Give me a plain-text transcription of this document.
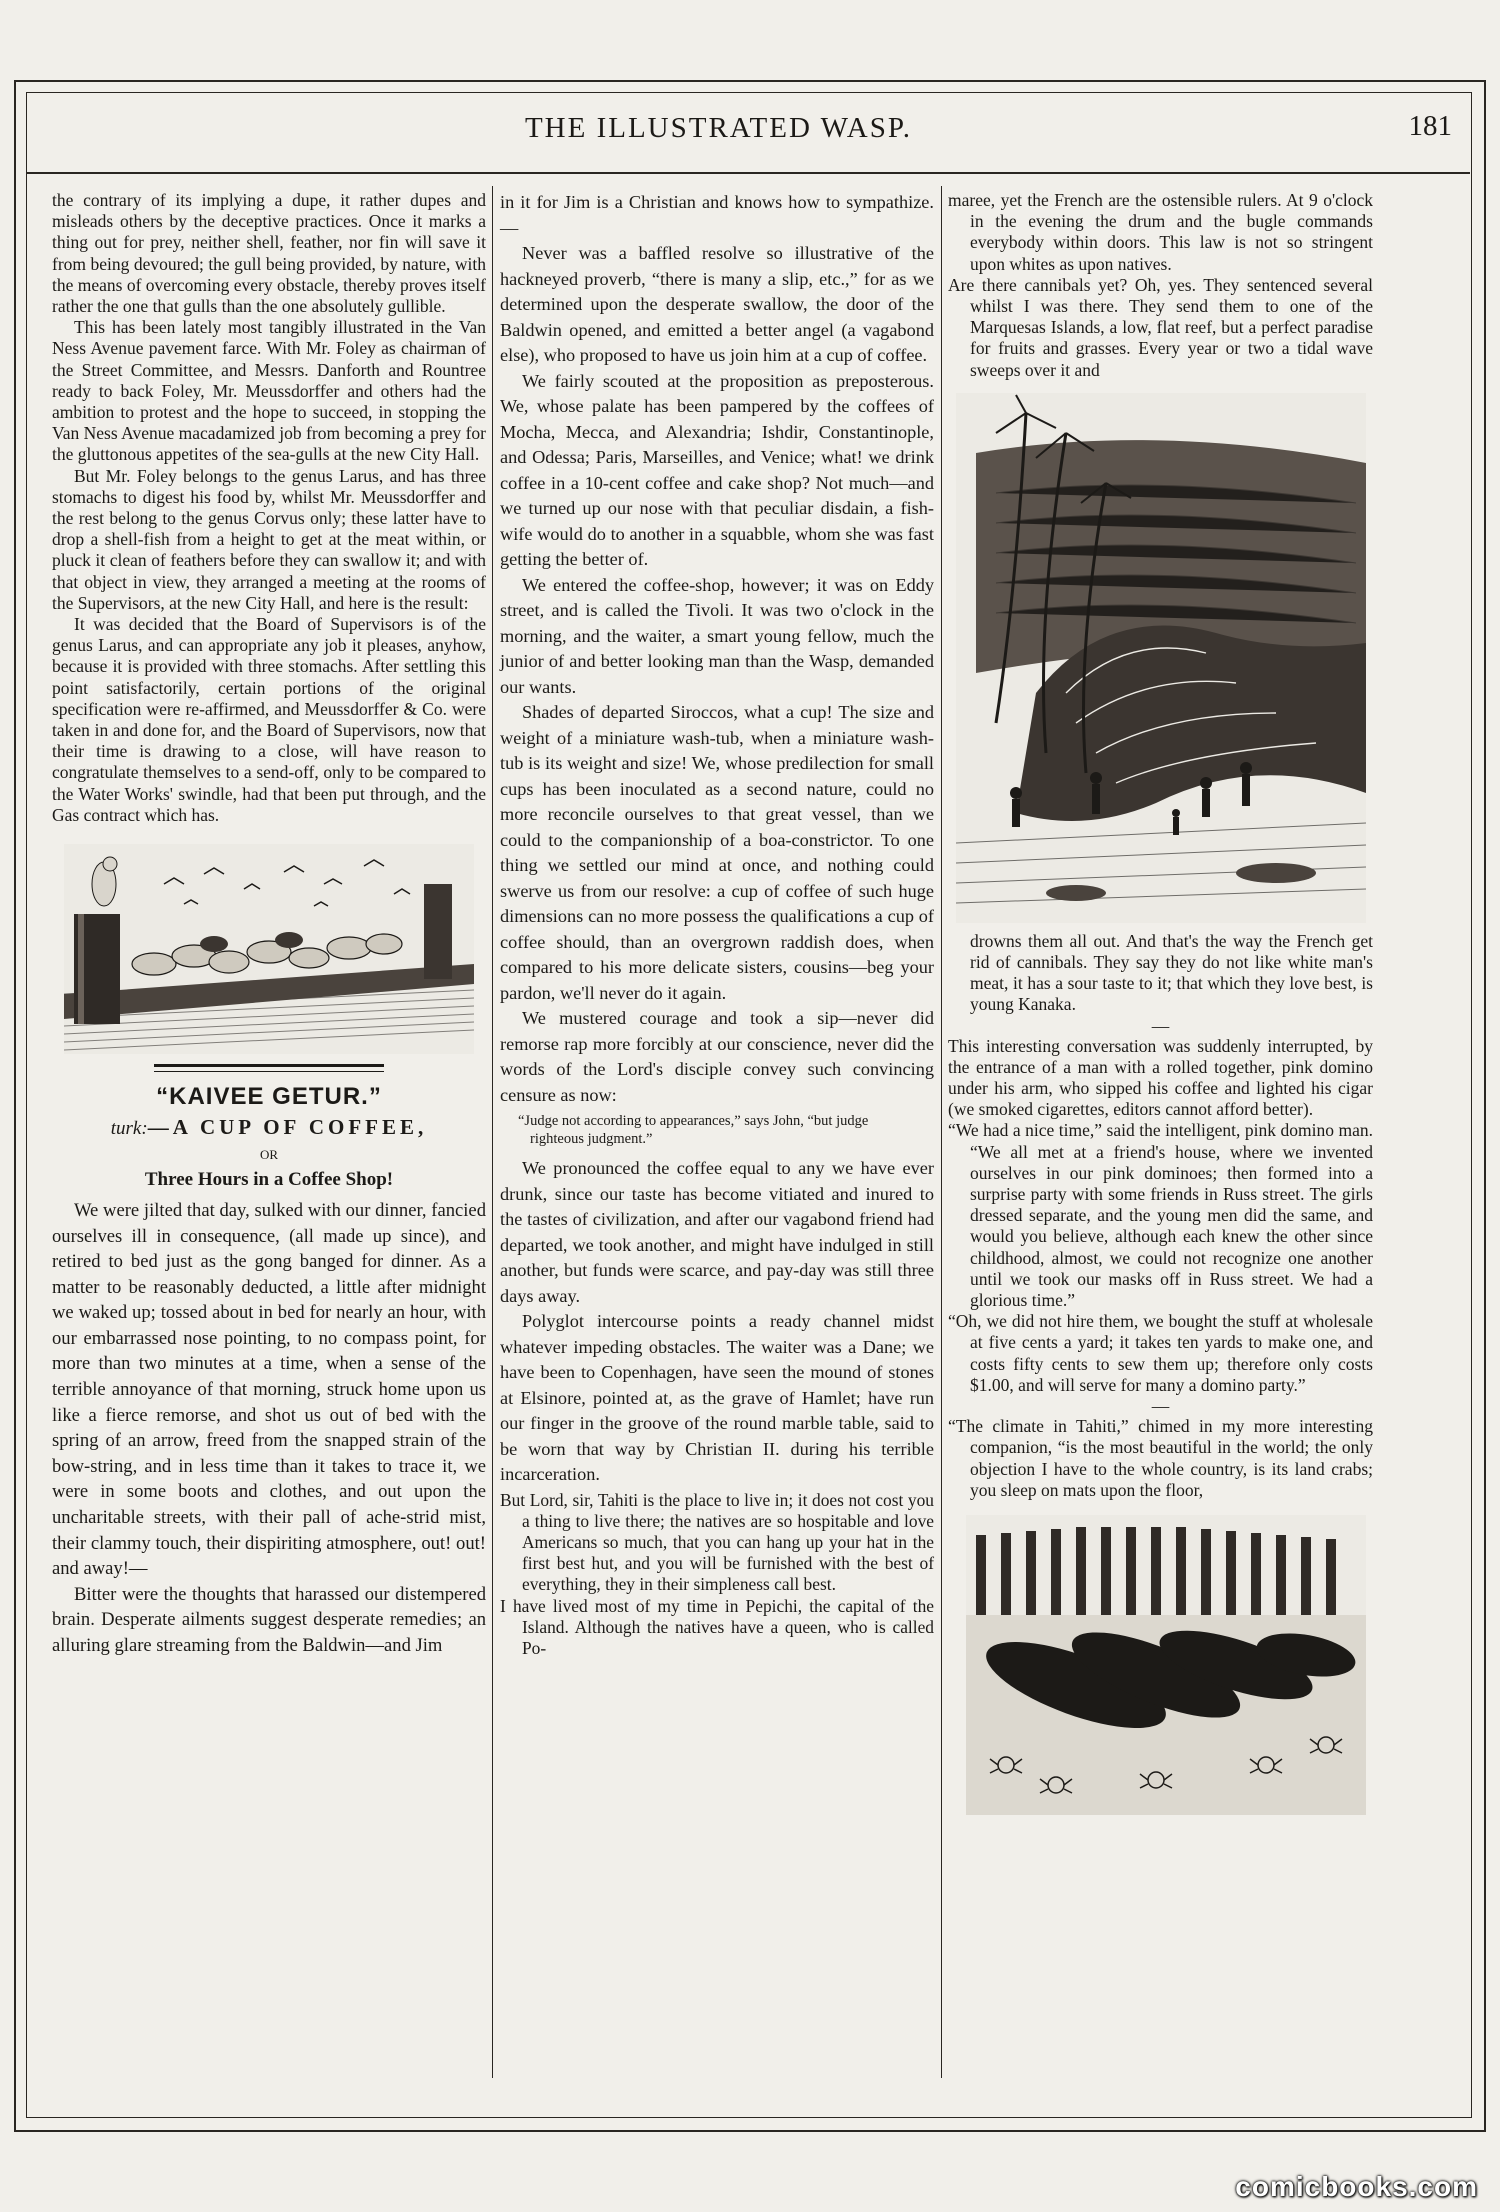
THE ILLUSTRATED WASP.	181

the contrary of its implying a dupe, it rather dupes and misleads others by the deceptive practices. Once it marks a thing out for prey, neither shell, feather, nor fin will save it from being devoured; the gull being provided, by nature, with the means of overcoming every obstacle, thereby proves itself rather the one that gulls than the one absolutely gullible.

This has been lately most tangibly illustrated in the Van Ness Avenue pavement farce. With Mr. Foley as chairman of the Street Committee, and Messrs. Danforth and Rountree ready to back Foley, Mr. Meussdorffer and others had the ambition to protest and the hope to succeed, in stopping the Van Ness Avenue macadamized job from becoming a prey for the gluttonous appetites of the sea-gulls at the new City Hall.

But Mr. Foley belongs to the genus Larus, and has three stomachs to digest his food by, whilst Mr. Meussdorffer and the rest belong to the genus Corvus only; these latter have to drop a shell-fish from a height to get at the meat within, or pluck it clean of feathers before they can swallow it; and with that object in view, they arranged a meeting at the rooms of the Supervisors, at the new City Hall, and here is the result:

It was decided that the Board of Supervisors is of the genus Larus, and can appropriate any job it pleases, anyhow, because it is provided with three stomachs. After settling this point satisfactorily, certain portions of the original specification were re-affirmed, and Meussdorffer & Co. were taken in and done for, and the Board of Supervisors, now that their time is drawing to a close, will have reason to congratulate themselves to a send-off, only to be compared to the Water Works' swindle, had that been put through, and the Gas contract which has.

“KAIVEE GETUR.”
turk:—A CUP OF COFFEE,
OR
Three Hours in a Coffee Shop!

We were jilted that day, sulked with our dinner, fancied ourselves ill in consequence, (all made up since), and retired to bed just as the gong banged for dinner. As a matter to be reasonably deducted, a little after midnight we waked up; tossed about in bed for nearly an hour, with our embarrassed nose pointing, to no compass point, for more than two minutes at a time, when a sense of the terrible annoyance of that morning, struck home upon us like a fierce remorse, and shot us out of bed with the spring of an arrow, freed from the snapped strain of the bow-string, and in less time than it takes to trace it, we were in some boots and clothes, and out upon the uncharitable streets, with their pall of ache-strid mist, their clammy touch, their dispiriting atmosphere, out! out! and away!—

Bitter were the thoughts that harassed our distempered brain. Desperate ailments suggest desperate remedies; an alluring glare streaming from the Baldwin—and Jim

in it for Jim is a Christian and knows how to sympathize.—

Never was a baffled resolve so illustrative of the hackneyed proverb, “there is many a slip, etc.,” for as we determined upon the desperate swallow, the door of the Baldwin opened, and emitted a better angel (a vagabond else), who proposed to have us join him at a cup of coffee.

We fairly scouted at the proposition as preposterous. We, whose palate has been pampered by the coffees of Mocha, Mecca, and Alexandria; Ishdir, Constantinople, and Odessa; Paris, Marseilles, and Venice; what! we drink coffee in a 10-cent coffee and cake shop? Not much—and we turned up our nose with that peculiar disdain, a fish-wife would do to another in a squabble, whom she was fast getting the better of.

We entered the coffee-shop, however; it was on Eddy street, and is called the Tivoli. It was two o'clock in the morning, and the waiter, a smart young fellow, much the junior of and better looking man than the Wasp, demanded our wants.

Shades of departed Siroccos, what a cup! The size and weight of a miniature wash-tub, when a miniature wash-tub is its weight and size! We, whose predilection for small cups has been inoculated as a second nature, could no more reconcile ourselves to that great vessel, than we could to the companionship of a boa-constrictor. To one thing we settled our mind at once, and nothing could swerve us from our resolve: a cup of coffee of such huge dimensions can no more possess the qualifications a cup of coffee should, than an overgrown raddish does, when compared to his more delicate sisters, cousins—beg your pardon, we'll never do it again.

We mustered courage and took a sip—never did remorse rap more forcibly at our conscience, never did the words of the Lord's disciple convey such convincing censure as now:

“Judge not according to appearances,” says John, “but judge righteous judgment.”

We pronounced the coffee equal to any we have ever drunk, since our taste has become vitiated and inured to the tastes of civilization, and after our vagabond friend had departed, we took another, and might have indulged in still another, but funds were scarce, and pay-day was still three days away.

Polyglot intercourse points a ready channel midst whatever impeding obstacles. The waiter was a Dane; we have been to Copenhagen, have seen the mound of stones at Elsinore, pointed at, as the grave of Hamlet; have run our finger in the groove of the round marble table, said to be worn that way by Christian II. during his terrible incarceration.

But Lord, sir, Tahiti is the place to live in; it does not cost you a thing to live there; the natives are so hospitable and love Americans so much, that you can hang up your hat in the first best hut, and you will be furnished with the best of everything, they in their simpleness call best.

I have lived most of my time in Pepichi, the capital of the Island. Although the natives have a queen, who is called Po-

maree, yet the French are the ostensible rulers. At 9 o'clock in the evening the drum and the bugle commands everybody within doors. This law is not so stringent upon whites as upon natives.

Are there cannibals yet? Oh, yes. They sentenced several whilst I was there. They send them to one of the Marquesas Islands, a low, flat reef, but a perfect paradise for fruits and grasses. Every year or two a tidal wave sweeps over it and

drowns them all out. And that's the way the French get rid of cannibals. They say they do not like white man's meat, it has a sour taste to it; that which they love best, is young Kanaka.

—

This interesting conversation was suddenly interrupted, by the entrance of a man with a rolled together, pink domino under his arm, who sipped his coffee and lighted his cigar (we smoked cigarettes, editors cannot afford better).

“We had a nice time,” said the intelligent, pink domino man. “We all met at a friend's house, where we invented ourselves in our pink dominoes; then formed into a surprise party with some friends in Russ street. The girls dressed separate, and the young men did the same, and would you believe, although each knew the other since childhood, almost, we could not recognize one another until we took our masks off in Russ street. We had a glorious time.”

“Oh, we did not hire them, we bought the stuff at wholesale at five cents a yard; it takes ten yards to make one, and costs fifty cents to sew them up; therefore only costs $1.00, and will serve for many a domino party.”

—

“The climate in Tahiti,” chimed in my more interesting companion, “is the most beautiful in the world; the only objection I have to the whole country, is its land crabs; you sleep on mats upon the floor,

comicbooks.com
